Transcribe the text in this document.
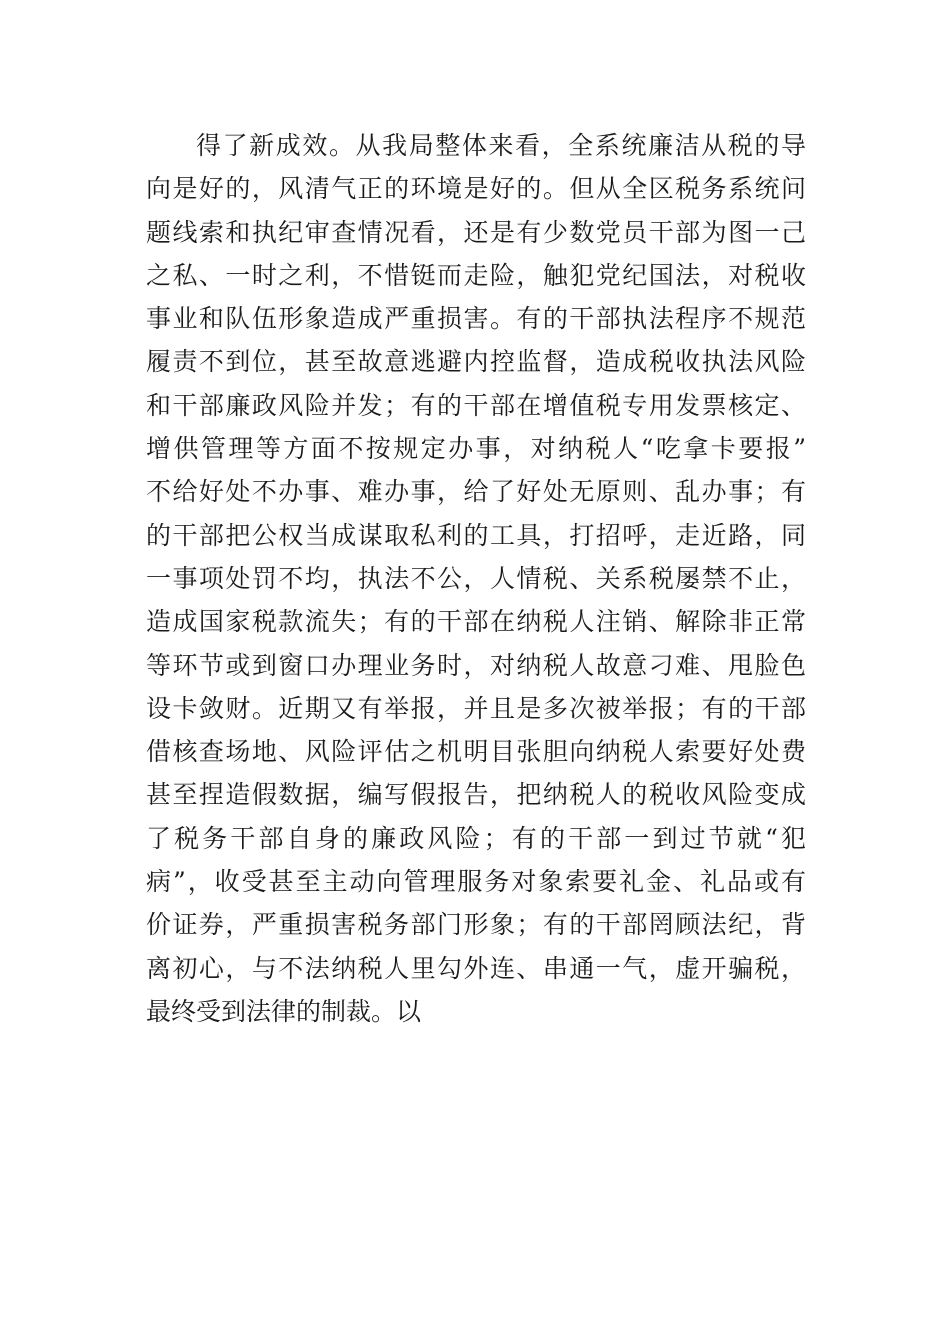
得了新成效。从我局整体来看，全系统廉洁从税的导
向是好的，风清气正的环境是好的。但从全区税务系统问
题线索和执纪审查情况看，还是有少数党员干部为图一己
之私、一时之利，不惜铤而走险，触犯党纪国法，对税收
事业和队伍形象造成严重损害。有的干部执法程序不规范
履责不到位，甚至故意逃避内控监督，造成税收执法风险
和干部廉政风险并发；有的干部在增值税专用发票核定、
增供管理等方面不按规定办事，对纳税人“吃拿卡要报”
不给好处不办事、难办事，给了好处无原则、乱办事；有
的干部把公权当成谋取私利的工具，打招呼，走近路，同
一事项处罚不均，执法不公，人情税、关系税屡禁不止，
造成国家税款流失；有的干部在纳税人注销、解除非正常
等环节或到窗口办理业务时，对纳税人故意刁难、甩脸色
设卡敛财。近期又有举报，并且是多次被举报；有的干部
借核查场地、风险评估之机明目张胆向纳税人索要好处费
甚至捏造假数据，编写假报告，把纳税人的税收风险变成
了税务干部自身的廉政风险；有的干部一到过节就“犯
病”，收受甚至主动向管理服务对象索要礼金、礼品或有
价证券，严重损害税务部门形象；有的干部罔顾法纪，背
离初心，与不法纳税人里勾外连、串通一气，虚开骗税，
最终受到法律的制裁。以
